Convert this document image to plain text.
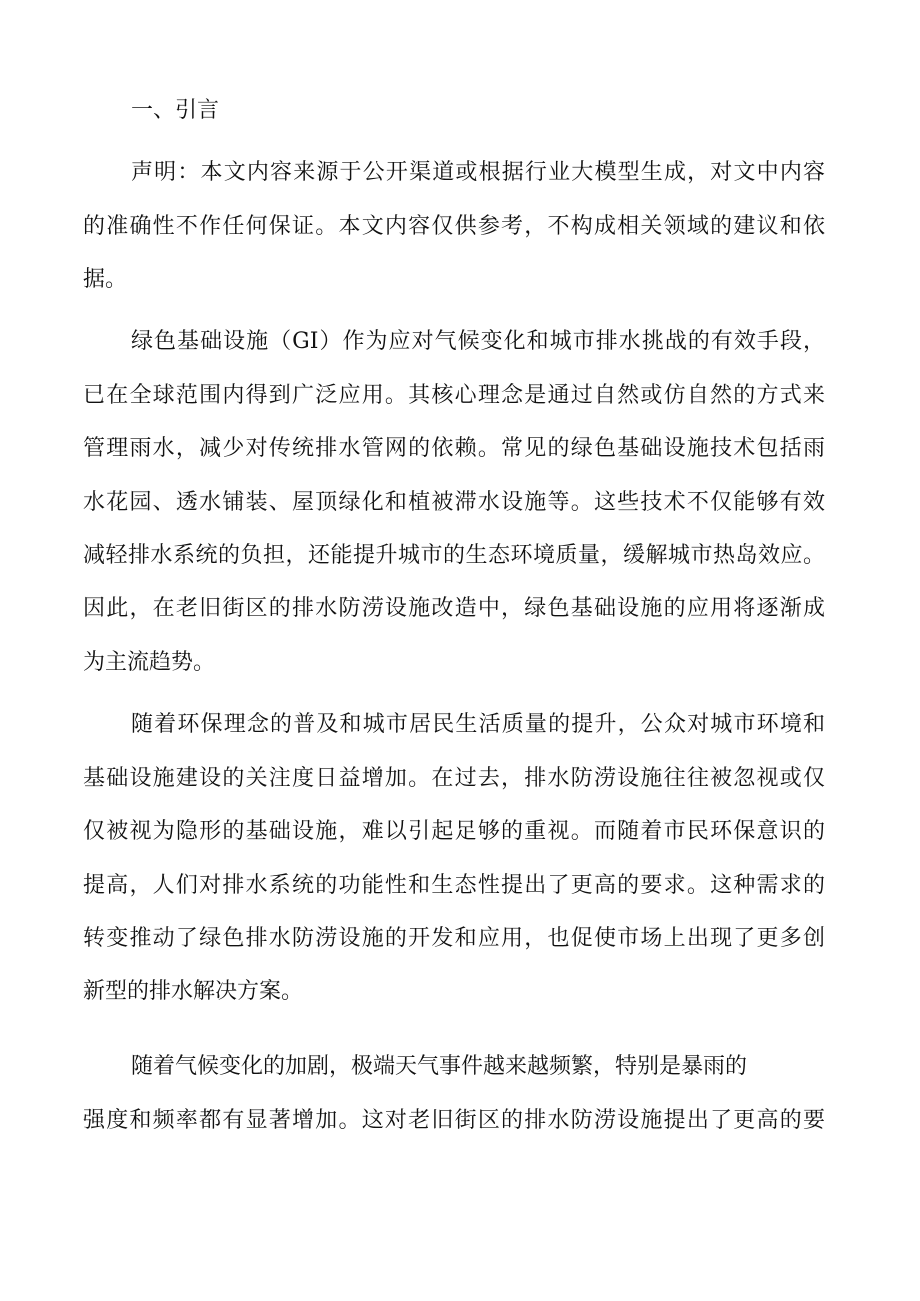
一、引言
声明：本文内容来源于公开渠道或根据行业大模型生成，对文中内容
的准确性不作任何保证。本文内容仅供参考，不构成相关领域的建议和依
据。
绿色基础设施（GI）作为应对气候变化和城市排水挑战的有效手段，
已在全球范围内得到广泛应用。其核心理念是通过自然或仿自然的方式来
管理雨水，减少对传统排水管网的依赖。常见的绿色基础设施技术包括雨
水花园、透水铺装、屋顶绿化和植被滞水设施等。这些技术不仅能够有效
减轻排水系统的负担，还能提升城市的生态环境质量，缓解城市热岛效应。
因此，在老旧街区的排水防涝设施改造中，绿色基础设施的应用将逐渐成
为主流趋势。
随着环保理念的普及和城市居民生活质量的提升，公众对城市环境和
基础设施建设的关注度日益增加。在过去，排水防涝设施往往被忽视或仅
仅被视为隐形的基础设施，难以引起足够的重视。而随着市民环保意识的
提高，人们对排水系统的功能性和生态性提出了更高的要求。这种需求的
转变推动了绿色排水防涝设施的开发和应用，也促使市场上出现了更多创
新型的排水解决方案。
随着气候变化的加剧，极端天气事件越来越频繁，特别是暴雨的
强度和频率都有显著增加。这对老旧街区的排水防涝设施提出了更高的要
